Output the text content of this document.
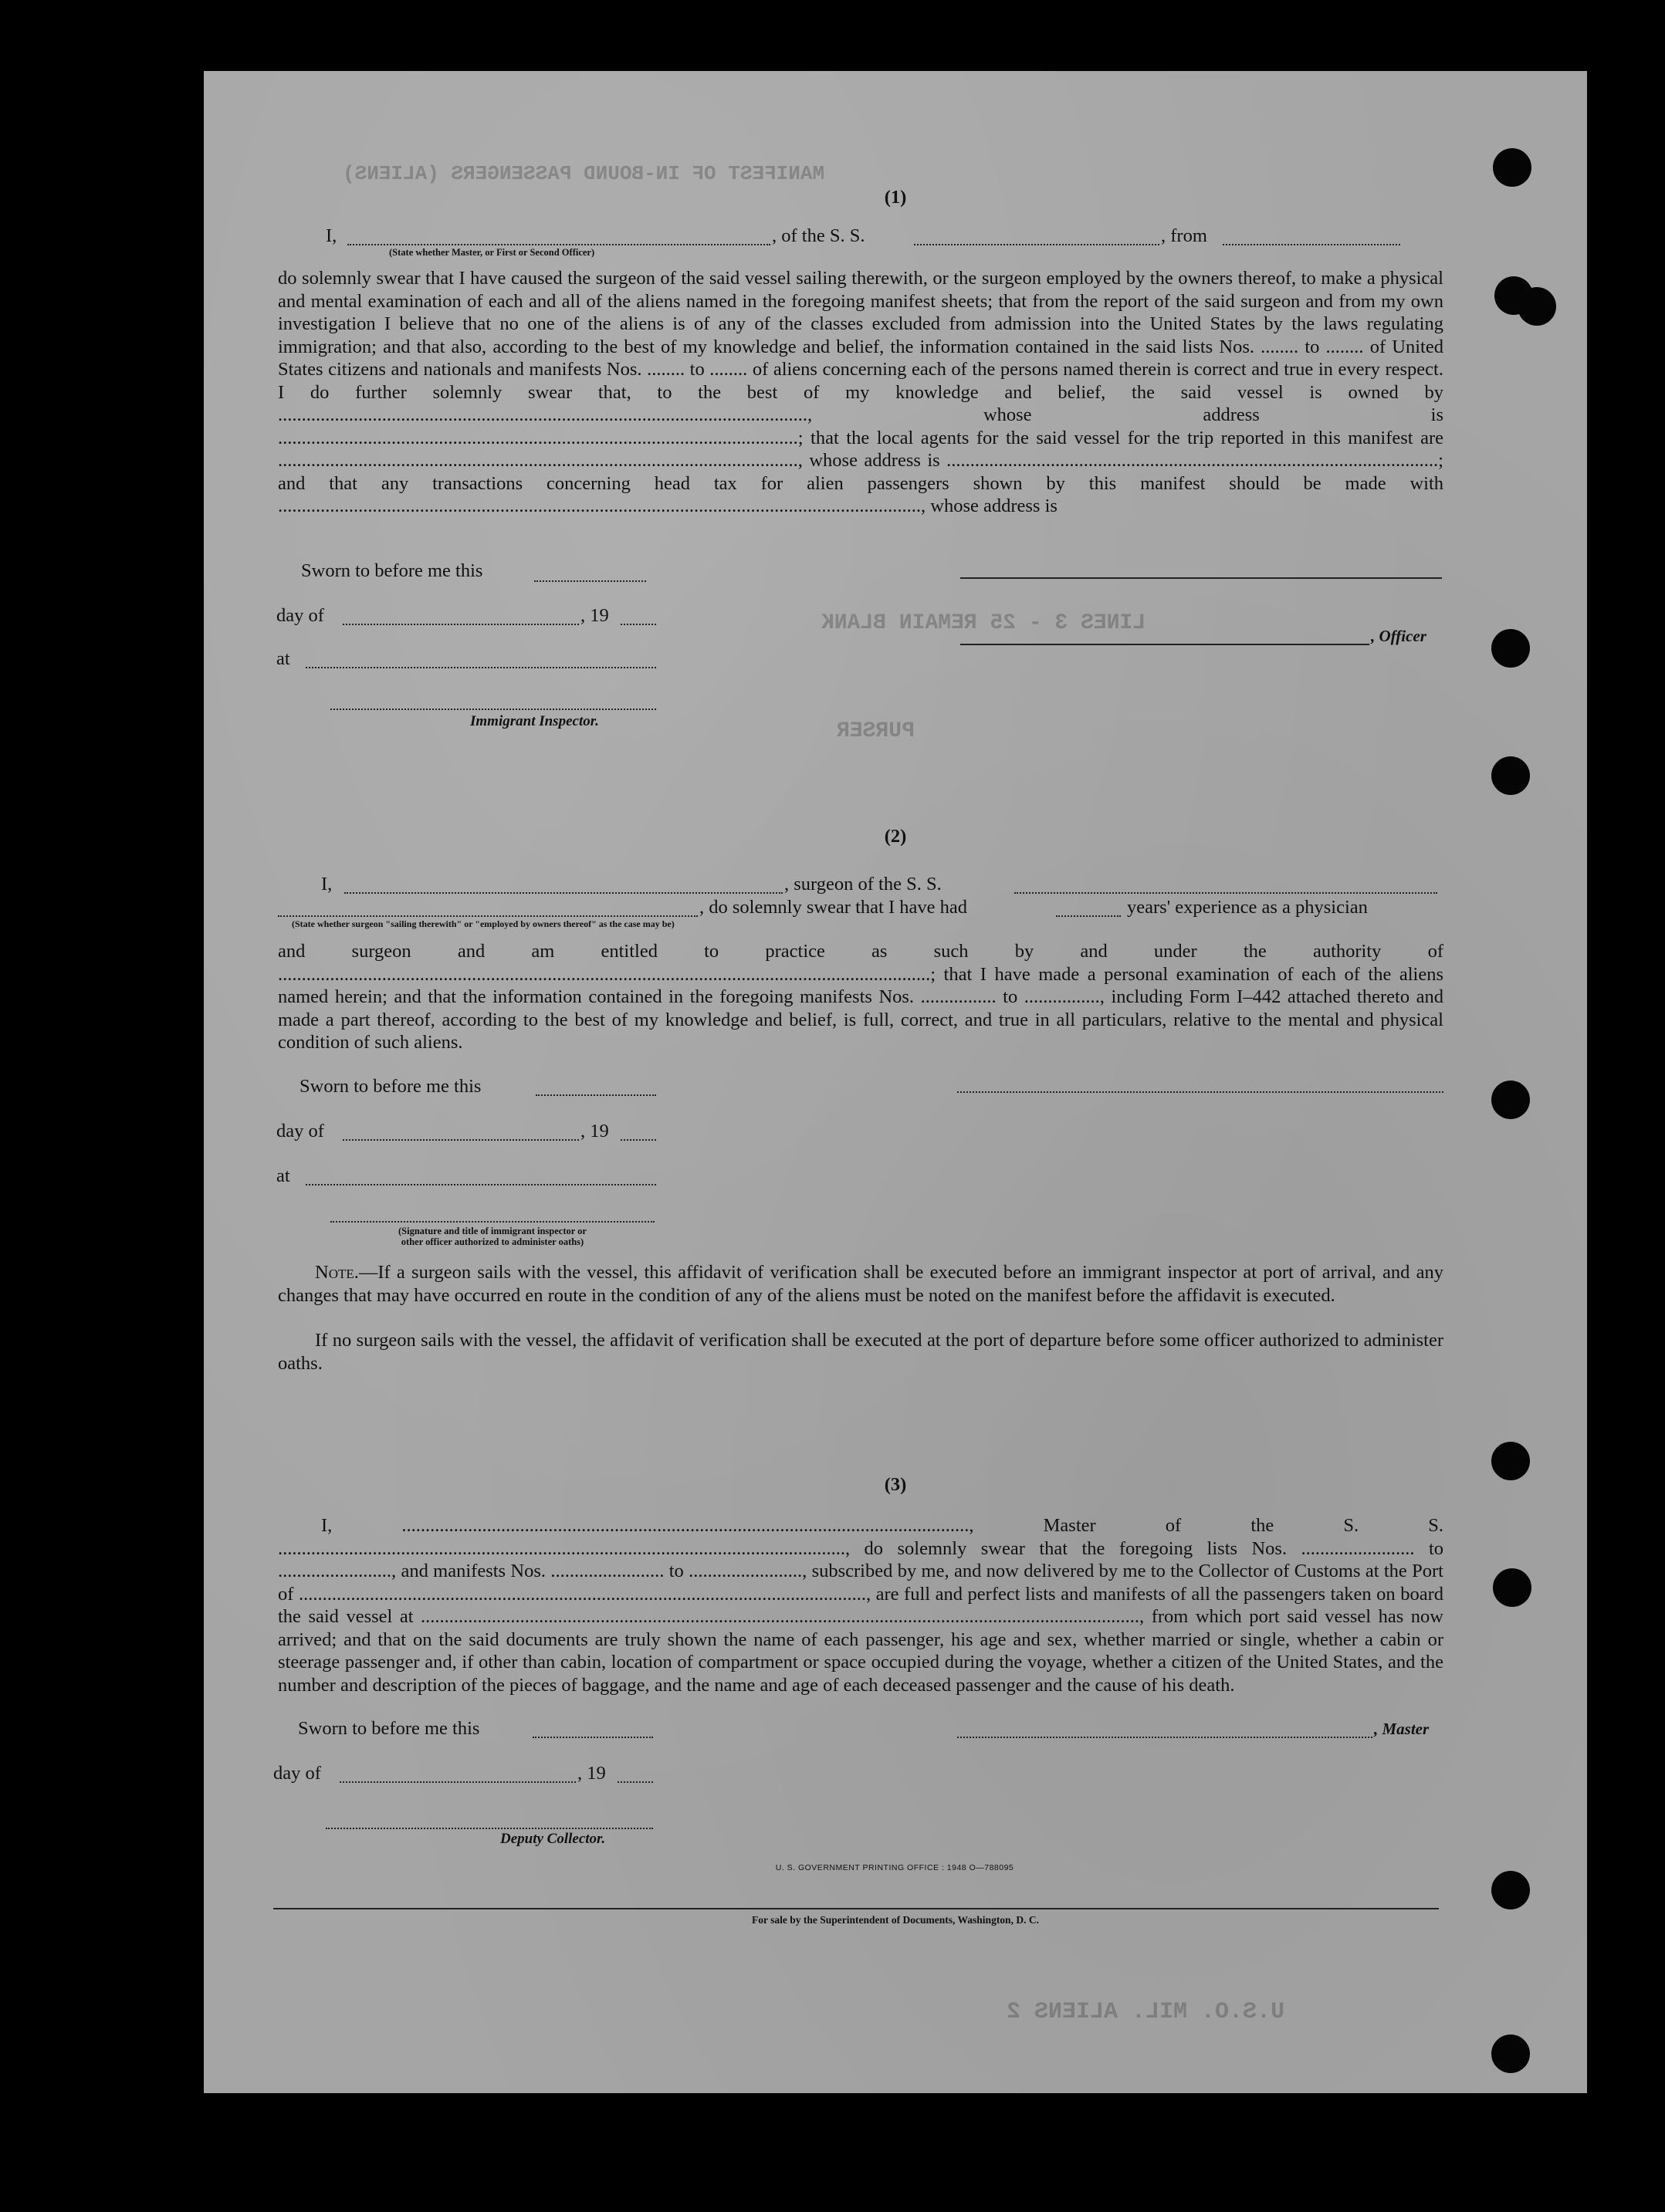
MANIFEST OF IN-BOUND PASSENGERS (ALIENS)
LINES 3 - 25 REMAIN BLANK
PURSER
U.S.O. MIL. ALIENS 2
(1)
I,	, of the S. S.	, from
(State whether Master, or First or Second Officer)
do solemnly swear that I have caused the surgeon of the said vessel sailing therewith, or the surgeon employed by the owners thereof, to make a physical and mental examination of each and all of the aliens named in the foregoing manifest sheets; that from the report of the said surgeon and from my own investigation I believe that no one of the aliens is of any of the classes excluded from admission into the United States by the laws regulating immigration; and that also, according to the best of my knowledge and belief, the information contained in the said lists Nos. ........ to ........ of United States citizens and nationals and manifests Nos. ........ to ........ of aliens concerning each of the persons named therein is correct and true in every respect. I do further solemnly swear that, to the best of my knowledge and belief, the said vessel is owned by ................................................................................................................, whose address is ..............................................................................................................; that the local agents for the said vessel for the trip reported in this manifest are .............................................................................................................., whose address is ........................................................................................................; and that any transactions concerning head tax for alien passengers shown by this manifest should be made with ........................................................................................................................................, whose address is
Sworn to before me this
day of	, 19
, Officer
at
Immigrant Inspector.
(2)
I,	, surgeon of the S. S.
, do solemnly swear that I have had	years' experience as a physician
(State whether surgeon "sailing therewith" or "employed by owners thereof" as the case may be)
and surgeon and am entitled to practice as such by and under the authority of ..........................................................................................................................................; that I have made a personal examination of each of the aliens named herein; and that the information contained in the foregoing manifests Nos. ................ to ................, including Form I–442 attached thereto and made a part thereof, according to the best of my knowledge and belief, is full, correct, and true in all particulars, relative to the mental and physical condition of such aliens.
Sworn to before me this
day of	, 19
at
(Signature and title of immigrant inspector or
other officer authorized to administer oaths)
Note.—If a surgeon sails with the vessel, this affidavit of verification shall be executed before an immigrant inspector at port of arrival, and any changes that may have occurred en route in the condition of any of the aliens must be noted on the manifest before the affidavit is executed.
If no surgeon sails with the vessel, the affidavit of verification shall be executed at the port of departure before some officer authorized to administer oaths.
(3)
I, ........................................................................................................................, Master of the S. S. ........................................................................................................................, do solemnly swear that the foregoing lists Nos. ........................ to ........................, and manifests Nos. ........................ to ........................, subscribed by me, and now delivered by me to the Collector of Customs at the Port of ........................................................................................................................, are full and perfect lists and manifests of all the passengers taken on board the said vessel at ........................................................................................................................................................, from which port said vessel has now arrived; and that on the said documents are truly shown the name of each passenger, his age and sex, whether married or single, whether a cabin or steerage passenger and, if other than cabin, location of compartment or space occupied during the voyage, whether a citizen of the United States, and the number and description of the pieces of baggage, and the name and age of each deceased passenger and the cause of his death.
Sworn to before me this	, Master
day of	, 19
Deputy Collector.
U. S. GOVERNMENT PRINTING OFFICE : 1948 O—788095
For sale by the Superintendent of Documents, Washington, D. C.
